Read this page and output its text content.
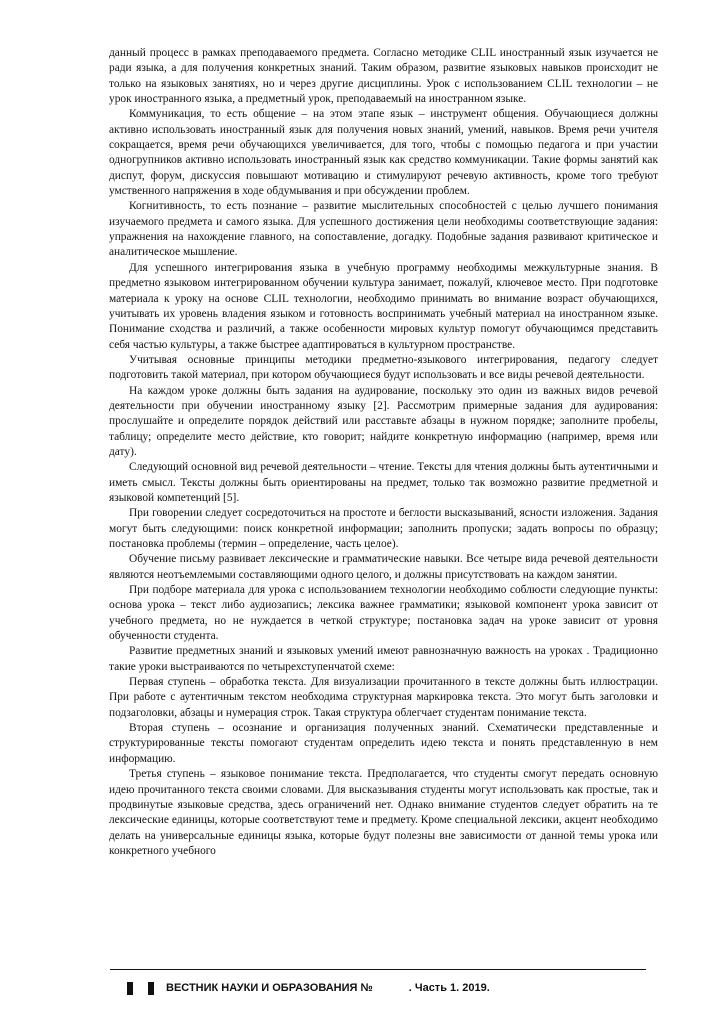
данный процесс в рамках преподаваемого предмета. Согласно методике CLIL иностранный язык изучается не ради языка, а для получения конкретных знаний. Таким образом, развитие языковых навыков происходит не только на языковых занятиях, но и через другие дисциплины. Урок с использованием CLIL технологии – не урок иностранного языка, а предметный урок, преподаваемый на иностранном языке.

Коммуникация, то есть общение – на этом этапе язык – инструмент общения. Обучающиеся должны активно использовать иностранный язык для получения новых знаний, умений, навыков. Время речи учителя сокращается, время речи обучающихся увеличивается, для того, чтобы с помощью педагога и при участии одногрупников активно использовать иностранный язык как средство коммуникации. Такие формы занятий как диспут, форум, дискуссия повышают мотивацию и стимулируют речевую активность, кроме того требуют умственного напряжения в ходе обдумывания и при обсуждении проблем.

Когнитивность, то есть познание – развитие мыслительных способностей с целью лучшего понимания изучаемого предмета и самого языка. Для успешного достижения цели необходимы соответствующие задания: упражнения на нахождение главного, на сопоставление, догадку. Подобные задания развивают критическое и аналитическое мышление.

Для успешного интегрирования языка в учебную программу необходимы межкультурные знания. В предметно языковом интегрированном обучении культура занимает, пожалуй, ключевое место. При подготовке материала к уроку на основе CLIL технологии, необходимо принимать во внимание возраст обучающихся, учитывать их уровень владения языком и готовность воспринимать учебный материал на иностранном языке. Понимание сходства и различий, а также особенности мировых культур помогут обучающимся представить себя частью культуры, а также быстрее адаптироваться в культурном пространстве.

Учитывая основные принципы методики предметно-языкового интегрирования, педагогу следует подготовить такой материал, при котором обучающиеся будут использовать и все виды речевой деятельности.

На каждом уроке должны быть задания на аудирование, поскольку это один из важных видов речевой деятельности при обучении иностранному языку [2]. Рассмотрим примерные задания для аудирования: прослушайте и определите порядок действий или расставьте абзацы в нужном порядке; заполните пробелы, таблицу; определите место действие, кто говорит; найдите конкретную информацию (например, время или дату).

Следующий основной вид речевой деятельности – чтение. Тексты для чтения должны быть аутентичными и иметь смысл. Тексты должны быть ориентированы на предмет, только так возможно развитие предметной и языковой компетенций [5].

При говорении следует сосредоточиться на простоте и беглости высказываний, ясности изложения. Задания могут быть следующими: поиск конкретной информации; заполнить пропуски; задать вопросы по образцу; постановка проблемы (термин – определение, часть целое).

Обучение письму развивает лексические и грамматические навыки. Все четыре вида речевой деятельности являются неотъемлемыми составляющими одного целого, и должны присутствовать на каждом занятии.

При подборе материала для урока с использованием технологии необходимо соблюсти следующие пункты: основа урока – текст либо аудиозапись; лексика важнее грамматики; языковой компонент урока зависит от учебного предмета, но не нуждается в четкой структуре; постановка задач на уроке зависит от уровня обученности студента.

Развитие предметных знаний и языковых умений имеют равнозначную важность на уроках . Традиционно такие уроки выстраиваются по четырехступенчатой схеме:

Первая ступень – обработка текста. Для визуализации прочитанного в тексте должны быть иллюстрации. При работе с аутентичным текстом необходима структурная маркировка текста. Это могут быть заголовки и подзаголовки, абзацы и нумерация строк. Такая структура облегчает студентам понимание текста.

Вторая ступень – осознание и организация полученных знаний. Схематически представленные и структурированные тексты помогают студентам определить идею текста и понять представленную в нем информацию.

Третья ступень – языковое понимание текста. Предполагается, что студенты смогут передать основную идею прочитанного текста своими словами. Для высказывания студенты могут использовать как простые, так и продвинутые языковые средства, здесь ограничений нет. Однако внимание студентов следует обратить на те лексические единицы, которые соответствуют теме и предмету. Кроме специальной лексики, акцент необходимо делать на универсальные единицы языка, которые будут полезны вне зависимости от данной темы урока или конкретного учебного

ВЕСТНИК НАУКИ И ОБРАЗОВАНИЯ №	. Часть 1. 2019.
